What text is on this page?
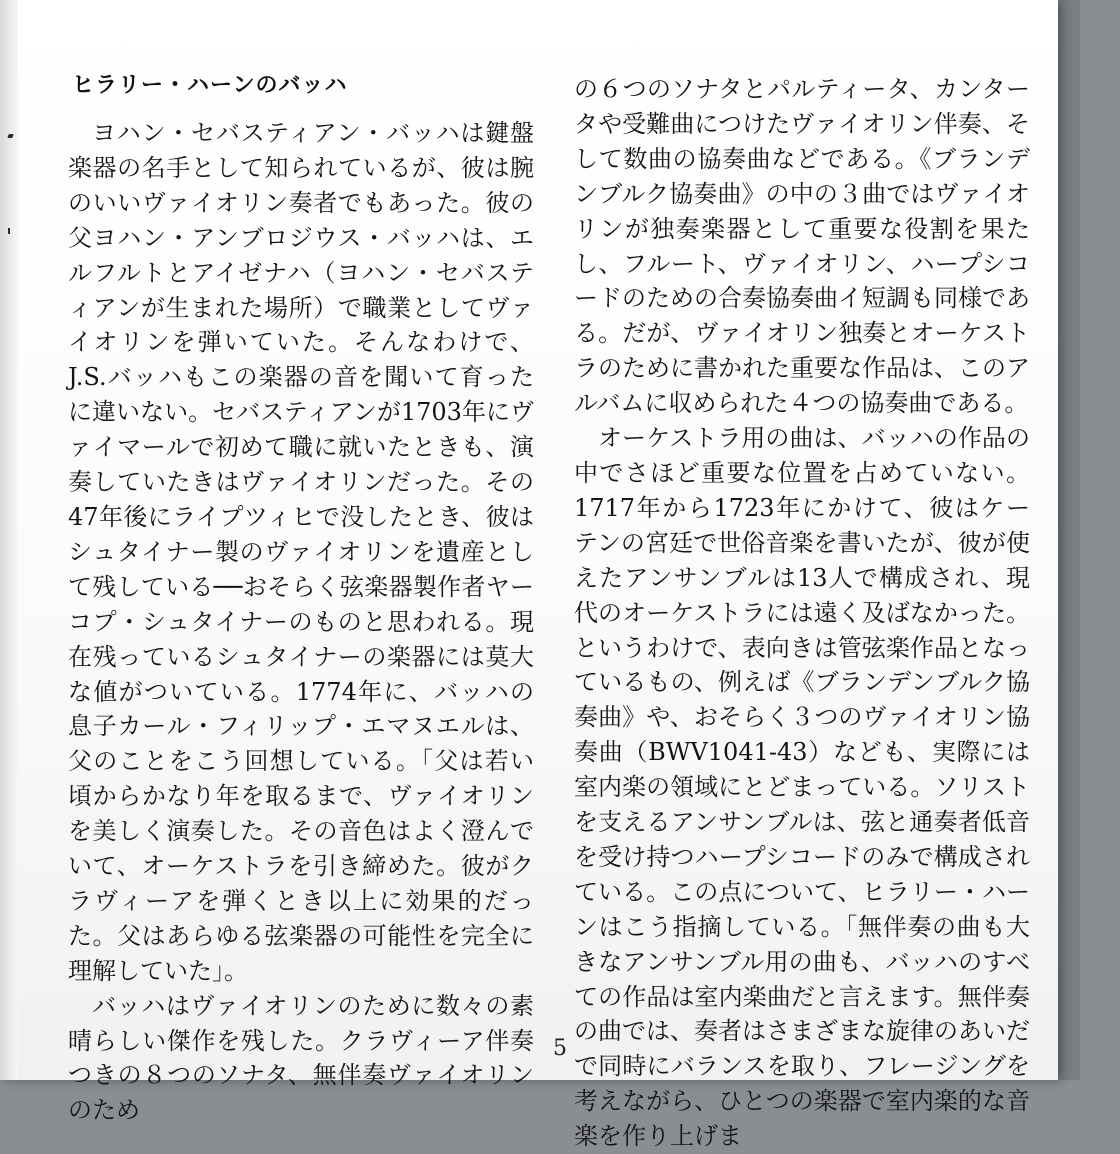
ヒラリー・ハーンのバッハ

ヨハン・セバスティアン・バッハは鍵盤楽器の名手として知られているが、彼は腕のいいヴァイオリン奏者でもあった。彼の父ヨハン・アンブロジウス・バッハは、エルフルトとアイゼナハ（ヨハン・セバスティアンが生まれた場所）で職業としてヴァイオリンを弾いていた。そんなわけで、J.S.バッハもこの楽器の音を聞いて育ったに違いない。セバスティアンが1703年にヴァイマールで初めて職に就いたときも、演奏していたきはヴァイオリンだった。その47年後にライプツィヒで没したとき、彼はシュタイナー製のヴァイオリンを遺産として残している──おそらく弦楽器製作者ヤーコプ・シュタイナーのものと思われる。現在残っているシュタイナーの楽器には莫大な値がついている。1774年に、バッハの息子カール・フィリップ・エマヌエルは、父のことをこう回想している。「父は若い頃からかなり年を取るまで、ヴァイオリンを美しく演奏した。その音色はよく澄んでいて、オーケストラを引き締めた。彼がクラヴィーアを弾くとき以上に効果的だった。父はあらゆる弦楽器の可能性を完全に理解していた」。

バッハはヴァイオリンのために数々の素晴らしい傑作を残した。クラヴィーア伴奏つきの８つのソナタ、無伴奏ヴァイオリンのため

の６つのソナタとパルティータ、カンタータや受難曲につけたヴァイオリン伴奏、そして数曲の協奏曲などである。《ブランデンブルク協奏曲》の中の３曲ではヴァイオリンが独奏楽器として重要な役割を果たし、フルート、ヴァイオリン、ハープシコードのための合奏協奏曲イ短調も同様である。だが、ヴァイオリン独奏とオーケストラのために書かれた重要な作品は、このアルバムに収められた４つの協奏曲である。

オーケストラ用の曲は、バッハの作品の中でさほど重要な位置を占めていない。1717年から1723年にかけて、彼はケーテンの宮廷で世俗音楽を書いたが、彼が使えたアンサンブルは13人で構成され、現代のオーケストラには遠く及ばなかった。というわけで、表向きは管弦楽作品となっているもの、例えば《ブランデンブルク協奏曲》や、おそらく３つのヴァイオリン協奏曲（BWV1041-43）なども、実際には室内楽の領域にとどまっている。ソリストを支えるアンサンブルは、弦と通奏者低音を受け持つハープシコードのみで構成されている。この点について、ヒラリー・ハーンはこう指摘している。「無伴奏の曲も大きなアンサンブル用の曲も、バッハのすべての作品は室内楽曲だと言えます。無伴奏の曲では、奏者はさまざまな旋律のあいだで同時にバランスを取り、フレージングを考えながら、ひとつの楽器で室内楽的な音楽を作り上げま

5
